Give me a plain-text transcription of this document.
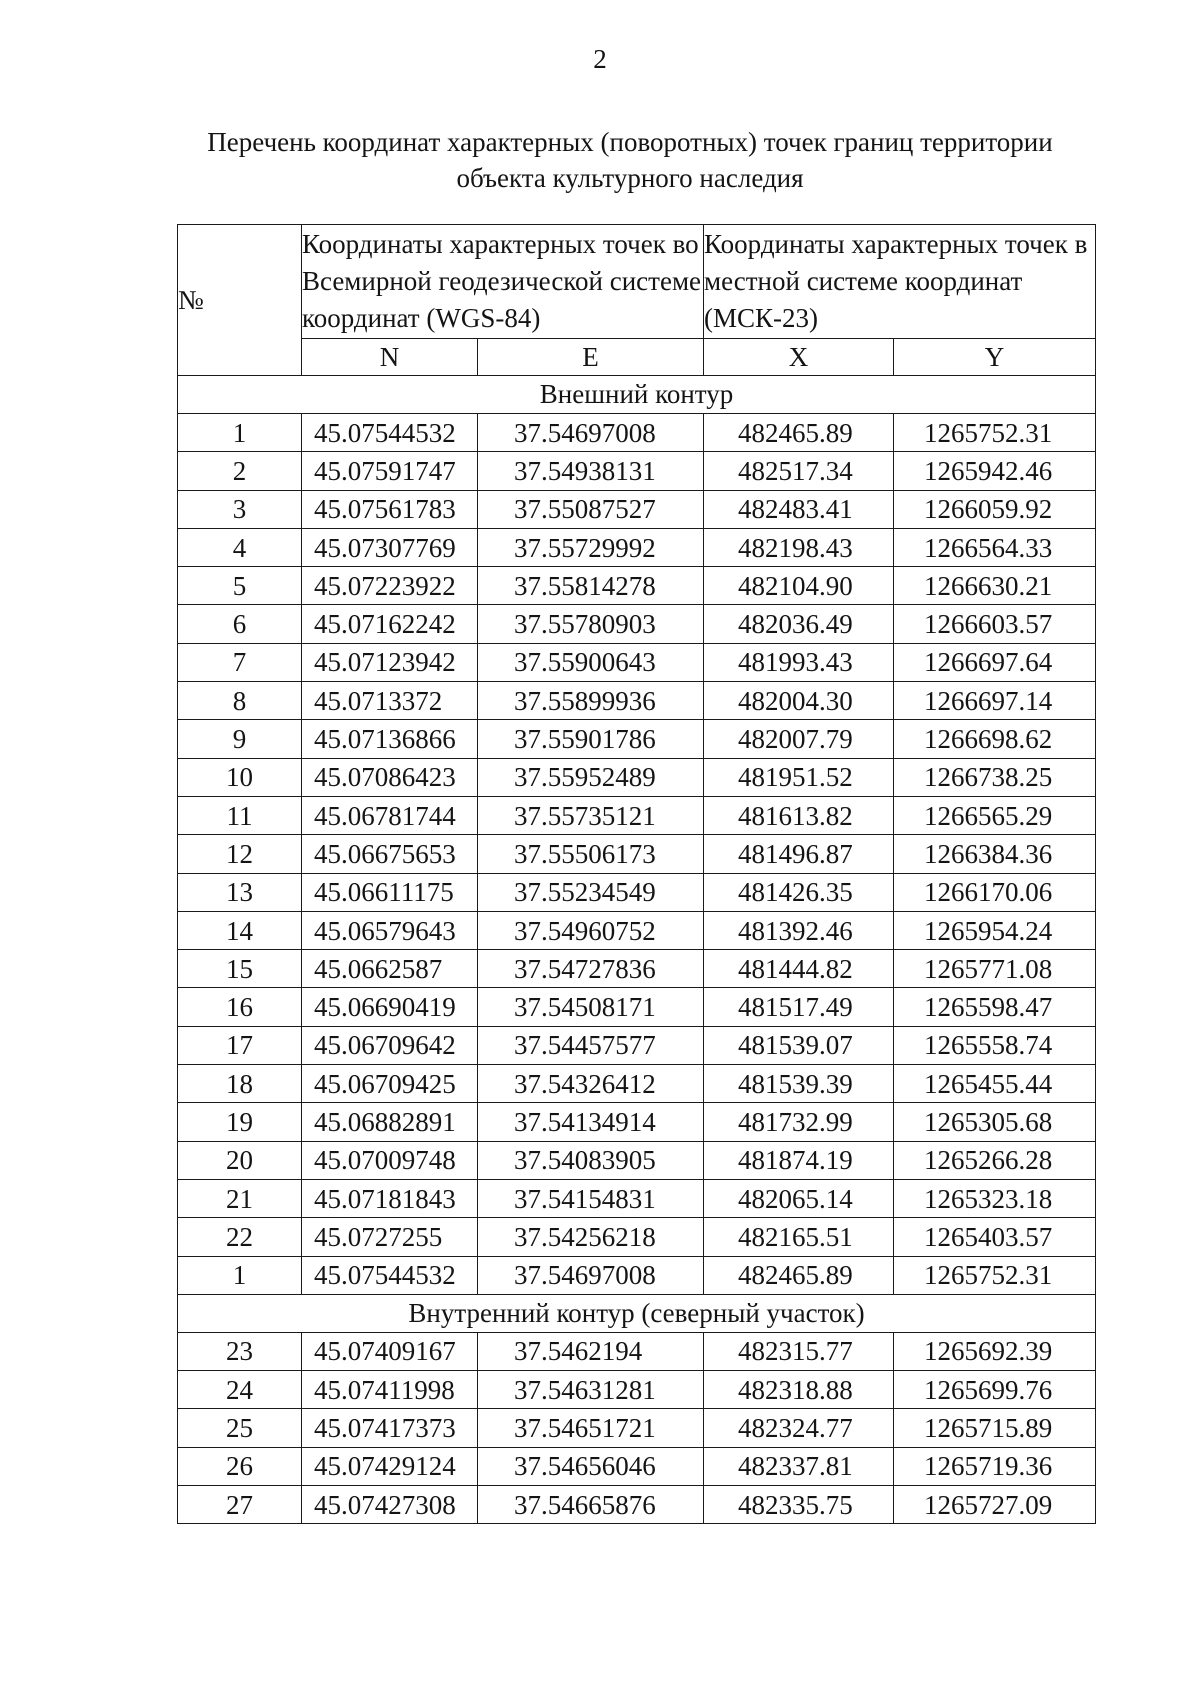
2
Перечень координат характерных (поворотных) точек границ территории
объекта культурного наследия
№	Координаты характерных точек во Всемирной геодезической системе координат (WGS-84)		Координаты характерных точек в местной системе координат (МСК-23)	
	N	E	X	Y
Внешний контур				
1	45.07544532	37.54697008	482465.89	1265752.31
2	45.07591747	37.54938131	482517.34	1265942.46
3	45.07561783	37.55087527	482483.41	1266059.92
4	45.07307769	37.55729992	482198.43	1266564.33
5	45.07223922	37.55814278	482104.90	1266630.21
6	45.07162242	37.55780903	482036.49	1266603.57
7	45.07123942	37.55900643	481993.43	1266697.64
8	45.0713372	37.55899936	482004.30	1266697.14
9	45.07136866	37.55901786	482007.79	1266698.62
10	45.07086423	37.55952489	481951.52	1266738.25
11	45.06781744	37.55735121	481613.82	1266565.29
12	45.06675653	37.55506173	481496.87	1266384.36
13	45.06611175	37.55234549	481426.35	1266170.06
14	45.06579643	37.54960752	481392.46	1265954.24
15	45.0662587	37.54727836	481444.82	1265771.08
16	45.06690419	37.54508171	481517.49	1265598.47
17	45.06709642	37.54457577	481539.07	1265558.74
18	45.06709425	37.54326412	481539.39	1265455.44
19	45.06882891	37.54134914	481732.99	1265305.68
20	45.07009748	37.54083905	481874.19	1265266.28
21	45.07181843	37.54154831	482065.14	1265323.18
22	45.0727255	37.54256218	482165.51	1265403.57
1	45.07544532	37.54697008	482465.89	1265752.31
Внутренний контур (северный участок)				
23	45.07409167	37.5462194	482315.77	1265692.39
24	45.07411998	37.54631281	482318.88	1265699.76
25	45.07417373	37.54651721	482324.77	1265715.89
26	45.07429124	37.54656046	482337.81	1265719.36
27	45.07427308	37.54665876	482335.75	1265727.09
